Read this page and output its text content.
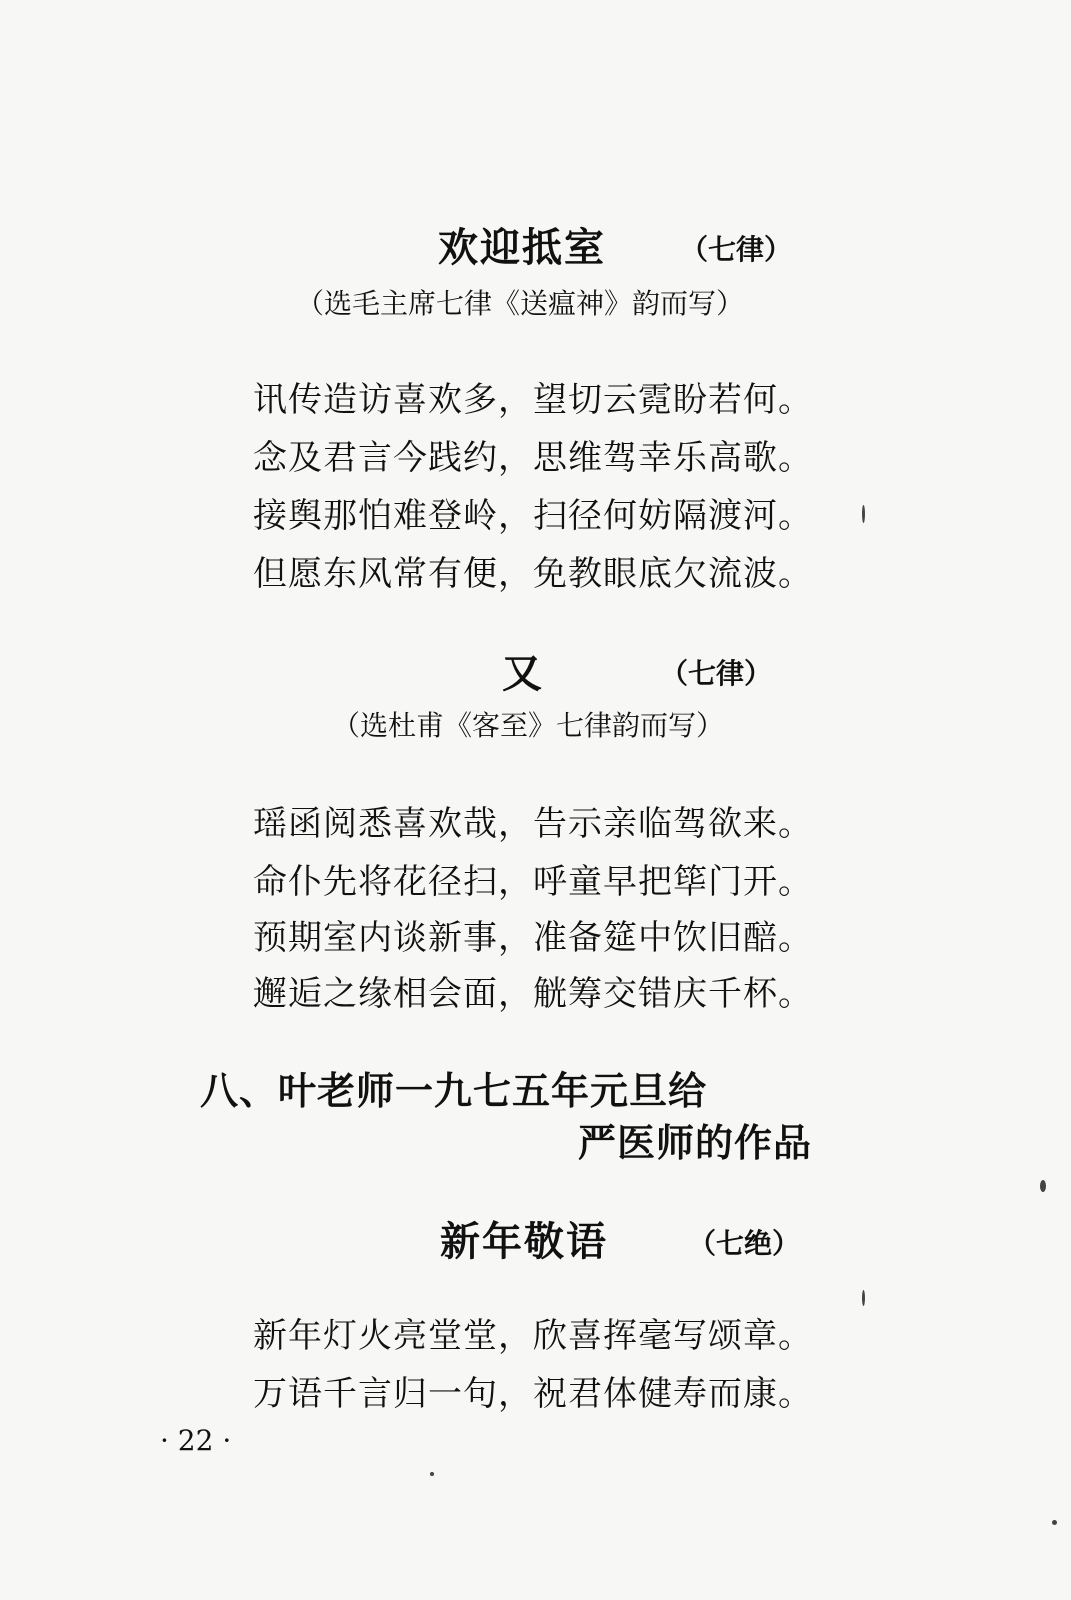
欢迎抵室	（七律）
（选毛主席七律《送瘟神》韵而写）
讯传造访喜欢多，望切云霓盼若何。
念及君言今践约，思维驾幸乐高歌。
接舆那怕难登岭，扫径何妨隔渡河。
但愿东风常有便，免教眼底欠流波。
又	（七律）
（选杜甫《客至》七律韵而写）
瑶函阅悉喜欢哉，告示亲临驾欲来。
命仆先将花径扫，呼童早把筚门开。
预期室内谈新事，准备筵中饮旧醅。
邂逅之缘相会面，觥筹交错庆千杯。
八、叶老师一九七五年元旦给
严医师的作品
新年敬语	（七绝）
新年灯火亮堂堂，欣喜挥毫写颂章。
万语千言归一句，祝君体健寿而康。
· 22 ·
